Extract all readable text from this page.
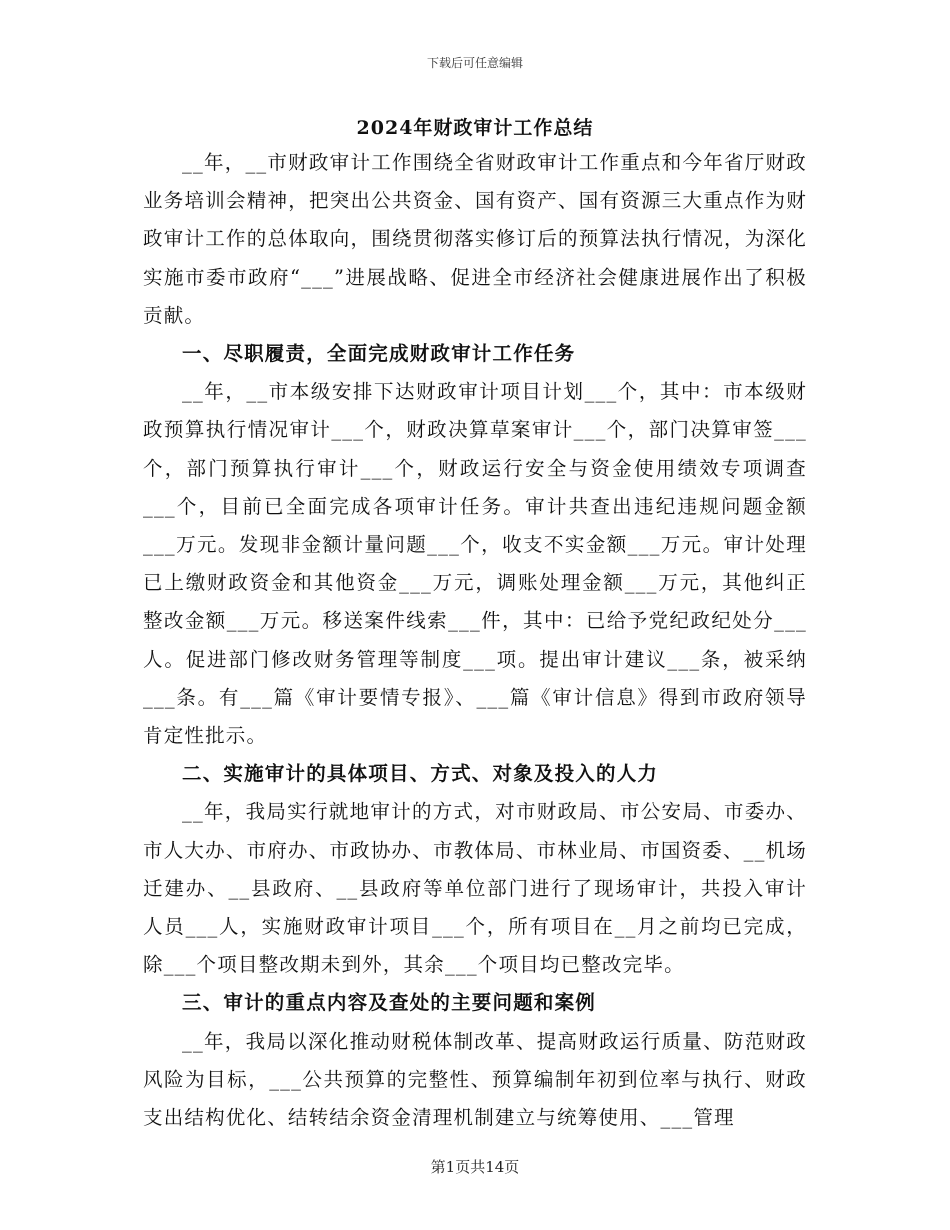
下载后可任意编辑
2024年财政审计工作总结

__年，__市财政审计工作围绕全省财政审计工作重点和今年省厅财政业务培训会精神，把突出公共资金、国有资产、国有资源三大重点作为财政审计工作的总体取向，围绕贯彻落实修订后的预算法执行情况，为深化实施市委市政府“___”进展战略、促进全市经济社会健康进展作出了积极贡献。

一、尽职履责，全面完成财政审计工作任务

__年，__市本级安排下达财政审计项目计划___个，其中：市本级财政预算执行情况审计___个，财政决算草案审计___个，部门决算审签___个，部门预算执行审计___个，财政运行安全与资金使用绩效专项调查___个，目前已全面完成各项审计任务。审计共查出违纪违规问题金额___万元。发现非金额计量问题___个，收支不实金额___万元。审计处理已上缴财政资金和其他资金___万元，调账处理金额___万元，其他纠正整改金额___万元。移送案件线索___件，其中：已给予党纪政纪处分___人。促进部门修改财务管理等制度___项。提出审计建议___条，被采纳___条。有___篇《审计要情专报》、___篇《审计信息》得到市政府领导肯定性批示。

二、实施审计的具体项目、方式、对象及投入的人力

__年，我局实行就地审计的方式，对市财政局、市公安局、市委办、市人大办、市府办、市政协办、市教体局、市林业局、市国资委、__机场迁建办、__县政府、__县政府等单位部门进行了现场审计，共投入审计人员___人，实施财政审计项目___个，所有项目在__月之前均已完成，除___个项目整改期未到外，其余___个项目均已整改完毕。

三、审计的重点内容及查处的主要问题和案例

__年，我局以深化推动财税体制改革、提高财政运行质量、防范财政风险为目标，___公共预算的完整性、预算编制年初到位率与执行、财政支出结构优化、结转结余资金清理机制建立与统筹使用、___管理

第1页共14页
